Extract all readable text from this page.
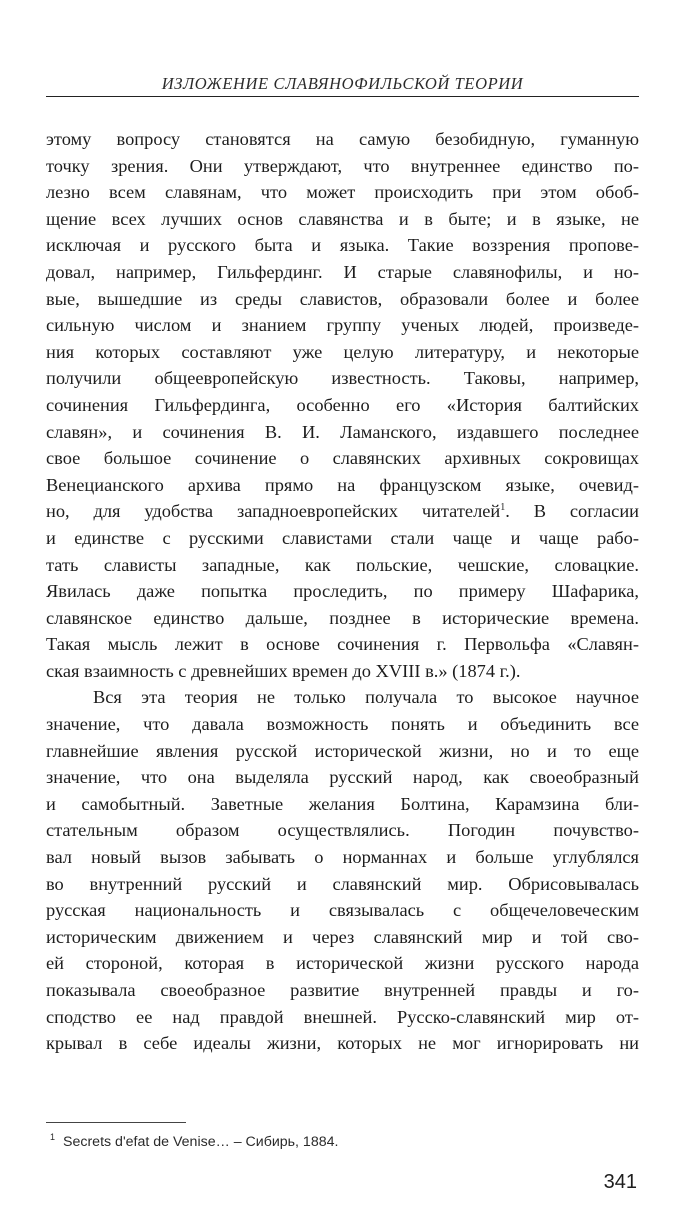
ИЗЛОЖЕНИЕ СЛАВЯНОФИЛЬСКОЙ ТЕОРИИ
этому вопросу становятся на самую безобидную, гуманную
точку зрения. Они утверждают, что внутреннее единство по-
лезно всем славянам, что может происходить при этом обоб-
щение всех лучших основ славянства и в быте; и в языке, не
исключая и русского быта и языка. Такие воззрения пропове-
довал, например, Гильфердинг. И старые славянофилы, и но-
вые, вышедшие из среды славистов, образовали более и более
сильную числом и знанием группу ученых людей, произведе-
ния которых составляют уже целую литературу, и некоторые
получили общеевропейскую известность. Таковы, например,
сочинения Гильфердинга, особенно его «История балтийских
славян», и сочинения В. И. Ламанского, издавшего последнее
свое большое сочинение о славянских архивных сокровищах
Венецианского архива прямо на французском языке, очевид-
но, для удобства западноевропейских читателей$^1$. В согласии
и единстве с русскими славистами стали чаще и чаще рабо-
тать слависты западные, как польские, чешские, словацкие.
Явилась даже попытка проследить, по примеру Шафарика,
славянское единство дальше, позднее в исторические времена.
Такая мысль лежит в основе сочинения г. Первольфа «Славян-
ская взаимность с древнейших времен до XVIII в.» (1874 г.).
Вся эта теория не только получала то высокое научное
значение, что давала возможность понять и объединить все
главнейшие явления русской исторической жизни, но и то еще
значение, что она выделяла русский народ, как своеобразный
и самобытный. Заветные желания Болтина, Карамзина бли-
стательным образом осуществлялись. Погодин почувство-
вал новый вызов забывать о норманнах и больше углублялся
во внутренний русский и славянский мир. Обрисовывалась
русская национальность и связывалась с общечеловеческим
историческим движением и через славянский мир и той сво-
ей стороной, которая в исторической жизни русского народа
показывала своеобразное развитие внутренней правды и го-
сподство ее над правдой внешней. Русско-славянский мир от-
крывал в себе идеалы жизни, которых не мог игнорировать ни
$^1$ Secrets d'efat de Venise… – Сибирь, 1884.
341
